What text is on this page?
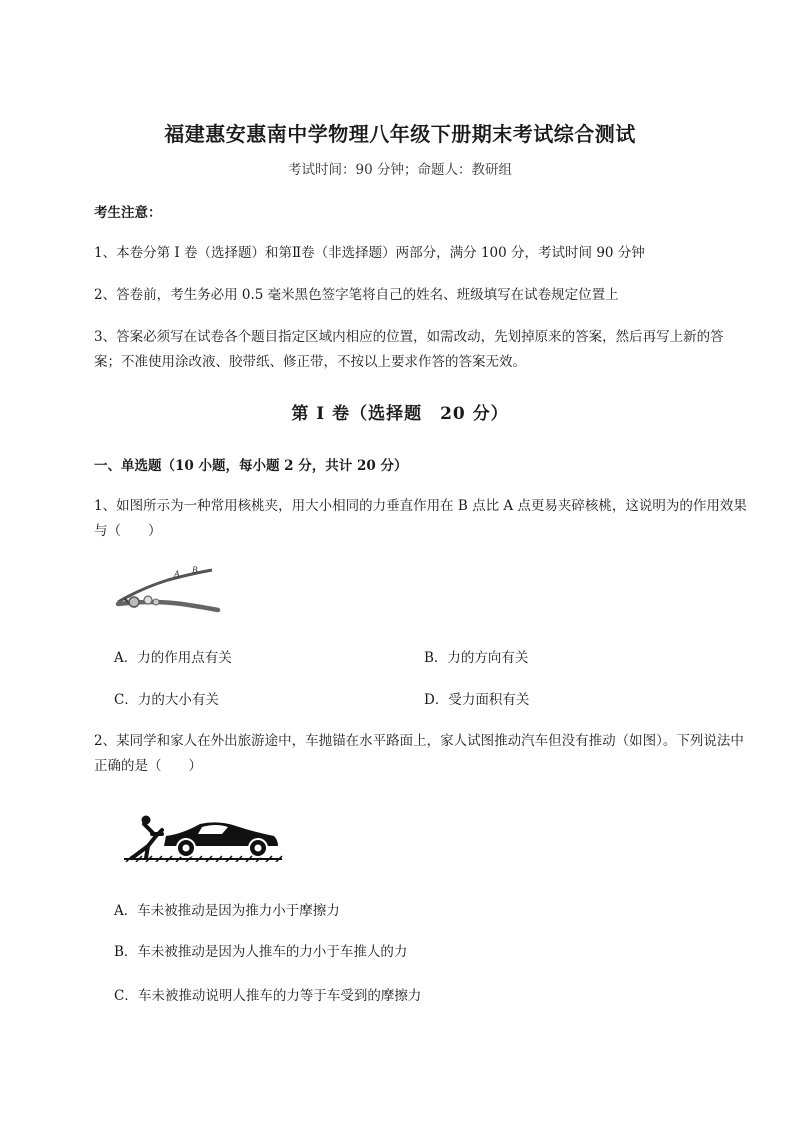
福建惠安惠南中学物理八年级下册期末考试综合测试
考试时间：90 分钟；命题人：教研组
考生注意：
1、本卷分第 I 卷（选择题）和第Ⅱ卷（非选择题）两部分，满分 100 分，考试时间 90 分钟
2、答卷前，考生务必用 0.5 毫米黑色签字笔将自己的姓名、班级填写在试卷规定位置上
3、答案必须写在试卷各个题目指定区域内相应的位置，如需改动，先划掉原来的答案，然后再写上新的答案；不准使用涂改液、胶带纸、修正带，不按以上要求作答的答案无效。
第 I 卷（选择题　20 分）
一、单选题（10 小题，每小题 2 分，共计 20 分）
1、如图所示为一种常用核桃夹，用大小相同的力垂直作用在 B 点比 A 点更易夹碎核桃，这说明为的作用效果与（　　）
A B
A．力的作用点有关	B．力的方向有关
C．力的大小有关	D．受力面积有关
2、某同学和家人在外出旅游途中，车抛锚在水平路面上，家人试图推动汽车但没有推动（如图）。下列说法中正确的是（　　）
A．车未被推动是因为推力小于摩擦力
B．车未被推动是因为人推车的力小于车推人的力
C．车未被推动说明人推车的力等于车受到的摩擦力
